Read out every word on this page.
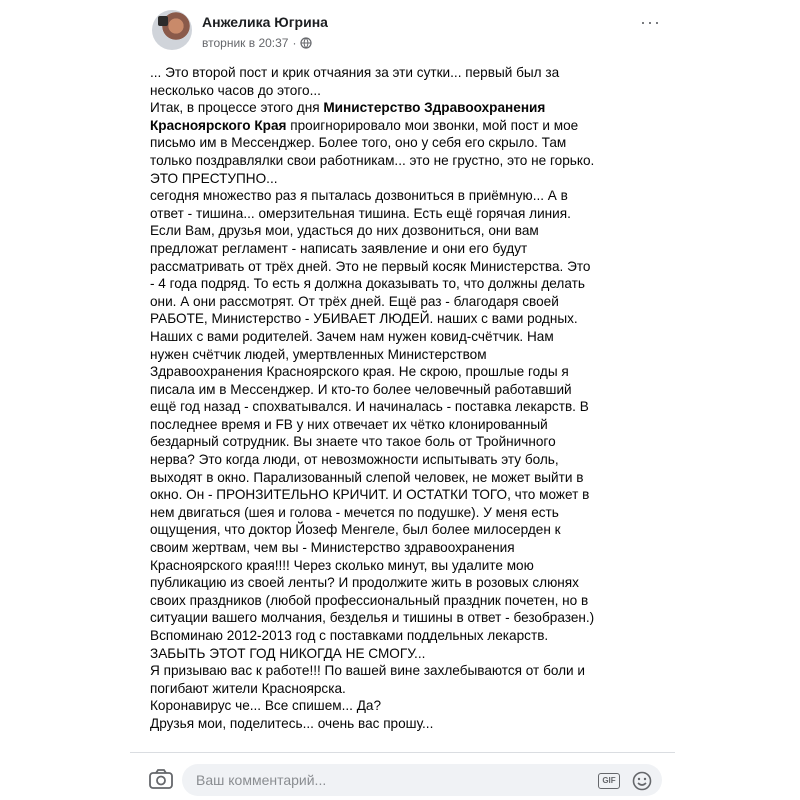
Анжелика Югрина
вторник в 20:37 ·
···

... Это второй пост и крик отчаяния за эти сутки... первый был за

несколько часов до этого...

Итак, в процессе этого дня Министерство Здравоохранения

Красноярского Края проигнорировало мои звонки, мой пост и мое

письмо им в Мессенджер. Более того, оно у себя его скрыло. Там

только поздравлялки свои работникам... это не грустно, это не горько.

ЭТО ПРЕСТУПНО...

сегодня множество раз я пыталась дозвониться в приёмную... А в

ответ - тишина... омерзительная тишина. Есть ещё горячая линия.

Если Вам, друзья мои, удасться до них дозвониться, они вам

предложат регламент - написать заявление и они его будут

рассматривать от трёх дней. Это не первый косяк Министерства. Это

- 4 года подряд. То есть я должна доказывать то, что должны делать

они. А они рассмотрят. От трёх дней. Ещё раз - благодаря своей

РАБОТЕ, Министерство - УБИВАЕТ ЛЮДЕЙ. наших с вами родных.

Наших с вами родителей. Зачем нам нужен ковид-счётчик. Нам

нужен счётчик людей, умертвленных Министерством

Здравоохранения Красноярского края. Не скрою, прошлые годы я

писала им в Мессенджер. И кто-то более человечный работавший

ещё год назад - спохватывался. И начиналась - поставка лекарств. В

последнее время и FB у них отвечает их чётко клонированный

бездарный сотрудник. Вы знаете что такое боль от Тройничного

нерва? Это когда люди, от невозможности испытывать эту боль,

выходят в окно. Парализованный слепой человек, не может выйти в

окно. Он - ПРОНЗИТЕЛЬНО КРИЧИТ. И ОСТАТКИ ТОГО, что может в

нем двигаться (шея и голова - мечется по подушке). У меня есть

ощущения, что доктор Йозеф Менгеле, был более милосерден к

своим жертвам, чем вы - Министерство здравоохранения

Красноярского края!!!! Через сколько минут, вы удалите мою

публикацию из своей ленты? И продолжите жить в розовых слюнях

своих праздников (любой профессиональный праздник почетен, но в

ситуации вашего молчания, безделья и тишины в ответ - безобразен.)

Вспоминаю 2012-2013 год с поставками поддельных лекарств.

ЗАБЫТЬ ЭТОТ ГОД НИКОГДА НЕ СМОГУ...

Я призываю вас к работе!!! По вашей вине захлебываются от боли и

погибают жители Красноярска.

Коронавирус че... Все спишем... Да?

Друзья мои, поделитесь... очень вас прошу...

Ваш комментарий...
GIF
